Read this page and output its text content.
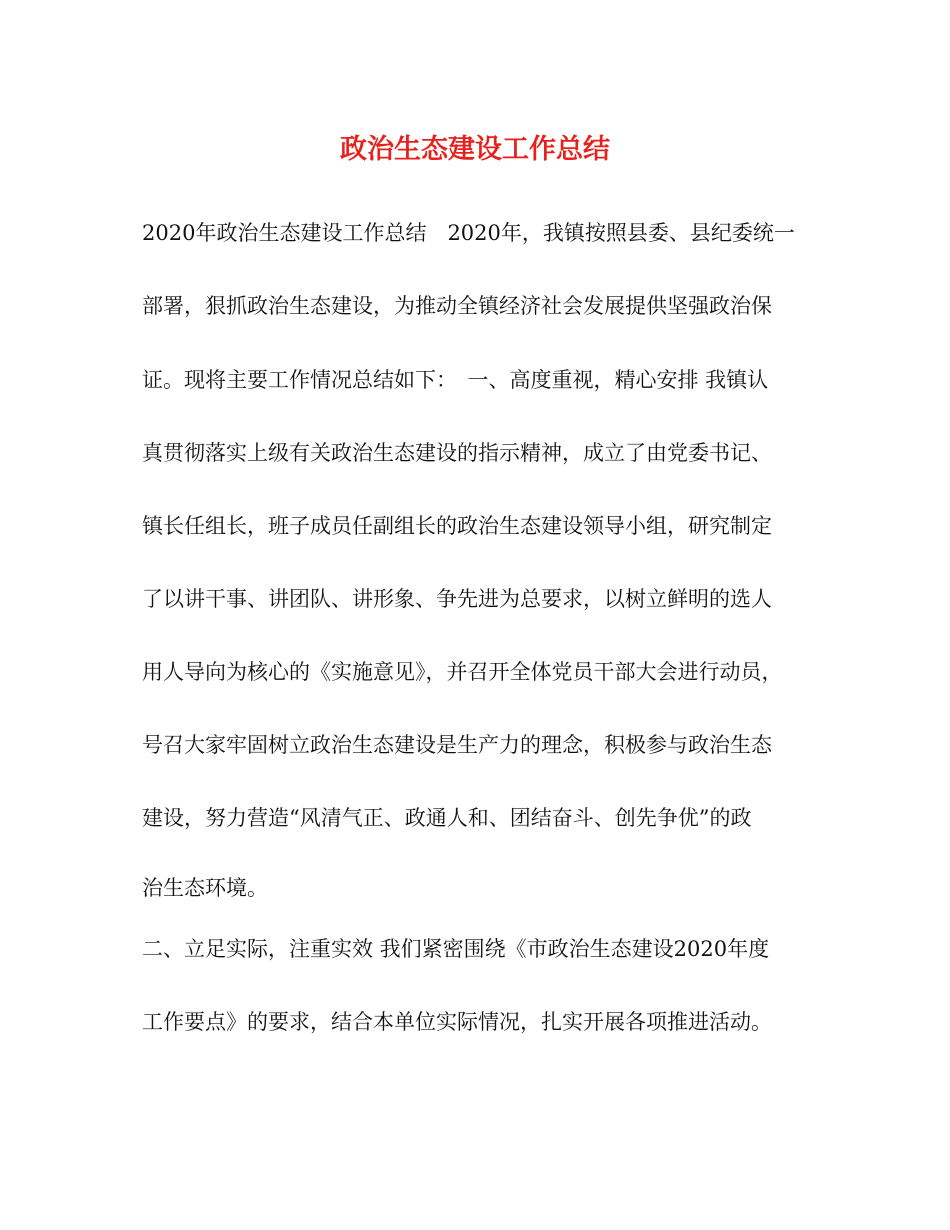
政治生态建设工作总结
2020年政治生态建设工作总结　2020年，我镇按照县委、县纪委统一
部署，狠抓政治生态建设，为推动全镇经济社会发展提供坚强政治保
证。现将主要工作情况总结如下：　一、高度重视，精心安排 我镇认
真贯彻落实上级有关政治生态建设的指示精神，成立了由党委书记、
镇长任组长，班子成员任副组长的政治生态建设领导小组，研究制定
了以讲干事、讲团队、讲形象、争先进为总要求，以树立鲜明的选人
用人导向为核心的《实施意见》，并召开全体党员干部大会进行动员，
号召大家牢固树立政治生态建设是生产力的理念，积极参与政治生态
建设，努力营造“风清气正、政通人和、团结奋斗、创先争优”的政
治生态环境。
二、立足实际，注重实效 我们紧密围绕《市政治生态建设2020年度
工作要点》的要求，结合本单位实际情况，扎实开展各项推进活动。
